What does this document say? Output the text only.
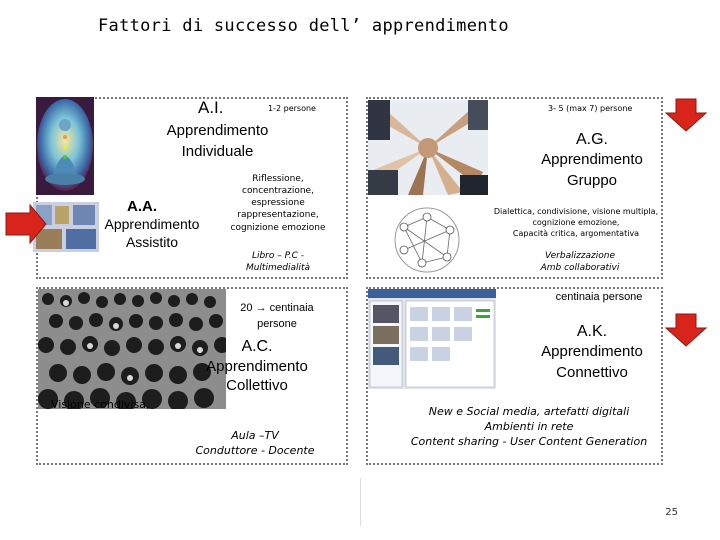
Fattori di successo dell’ apprendimento
A.I.	1-2 persone
Apprendimento
Individuale
Riflessione,
concentrazione,
espressione
rappresentazione,
cognizione emozione
Libro – P.C -
Multimedialità
A.A.
Apprendimento
Assistito
3- 5 (max 7) persone
A.G.
Apprendimento
Gruppo
Dialettica, condivisione, visione multipla,
cognizione emozione,
Capacità critica, argomentativa
Verbalizzazione
Amb collaborativi
Visione condivisa,
20 → centinaia
persone
A.C.
Apprendimento
Collettivo
Aula –TV
Conduttore - Docente
centinaia persone
A.K.
Apprendimento
Connettivo
New e Social media, artefatti digitali
Ambienti in rete
Content sharing - User Content Generation
25
